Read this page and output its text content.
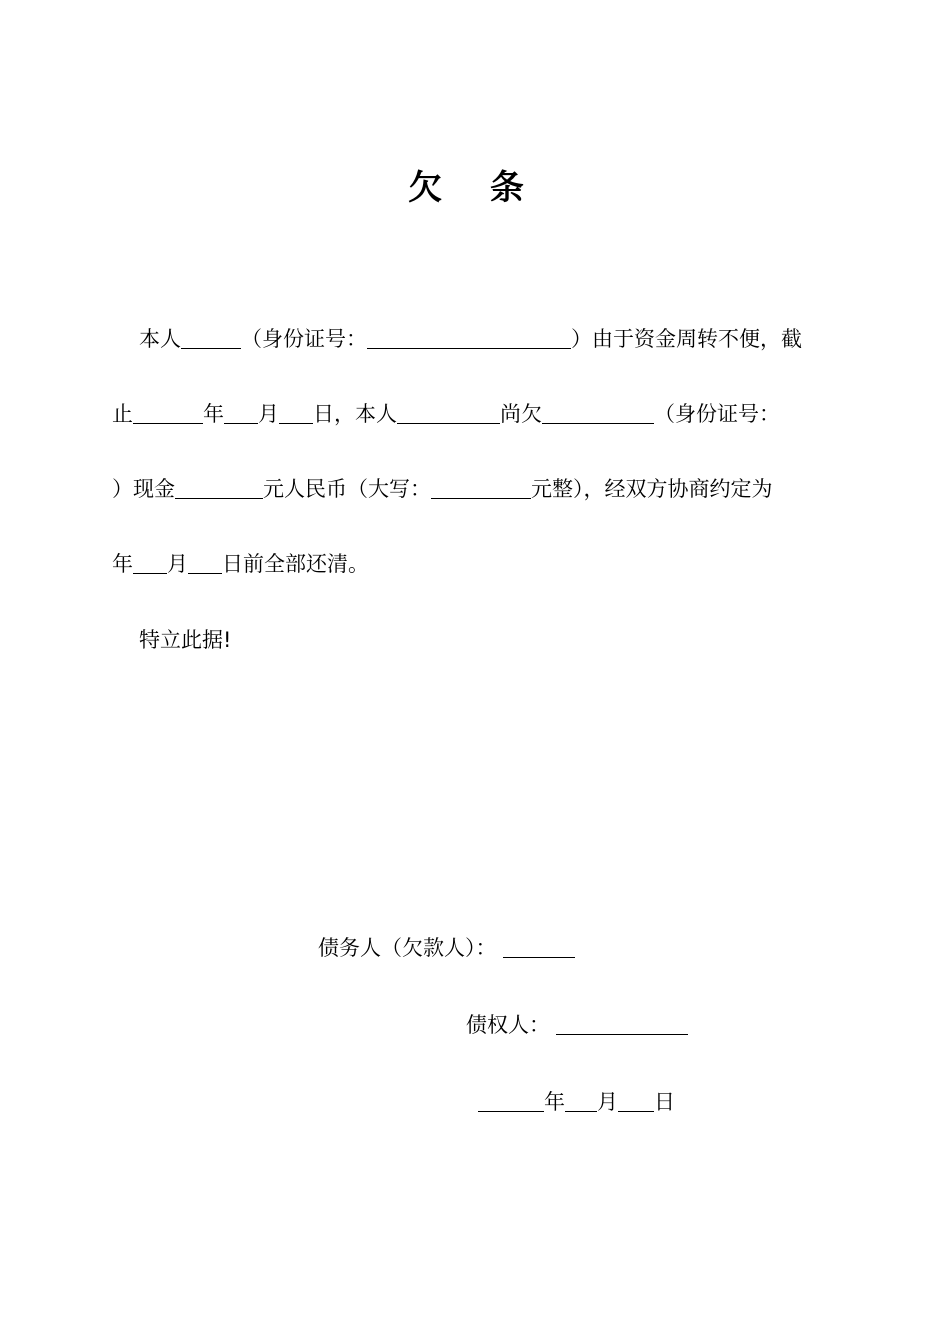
欠 条
本人	（身份证号：	）由于资金周转不便，截
止	年 月 日，本人	尚欠	（身份证号：
）现金	元人民币（大写：	元整），经双方协商约定为
年 月 日前全部还清。
特立此据!
债务人（欠款人）：
债权人：
年 月 日
